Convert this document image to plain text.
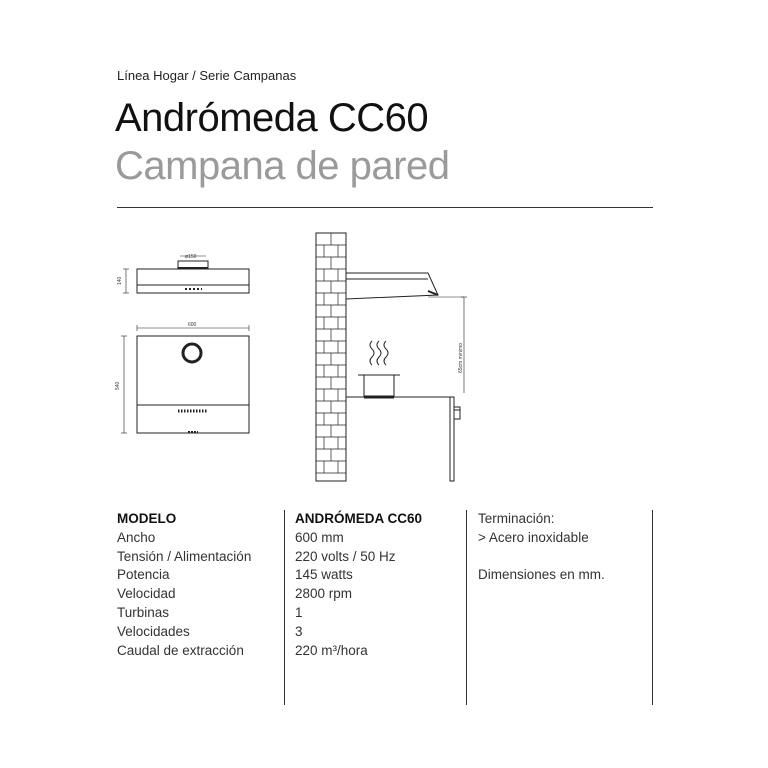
Línea Hogar / Serie Campanas
Andrómeda CC60
Campana de pared
ø150
600
140
540
65cm mínimo
MODELO
Ancho
Tensión / Alimentación
Potencia
Velocidad
Turbinas
Velocidades
Caudal de extracción
ANDRÓMEDA CC60
600 mm
220 volts / 50 Hz
145 watts
2800 rpm
1
3
220 m³/hora
Terminación:
> Acero inoxidable

Dimensiones en mm.
